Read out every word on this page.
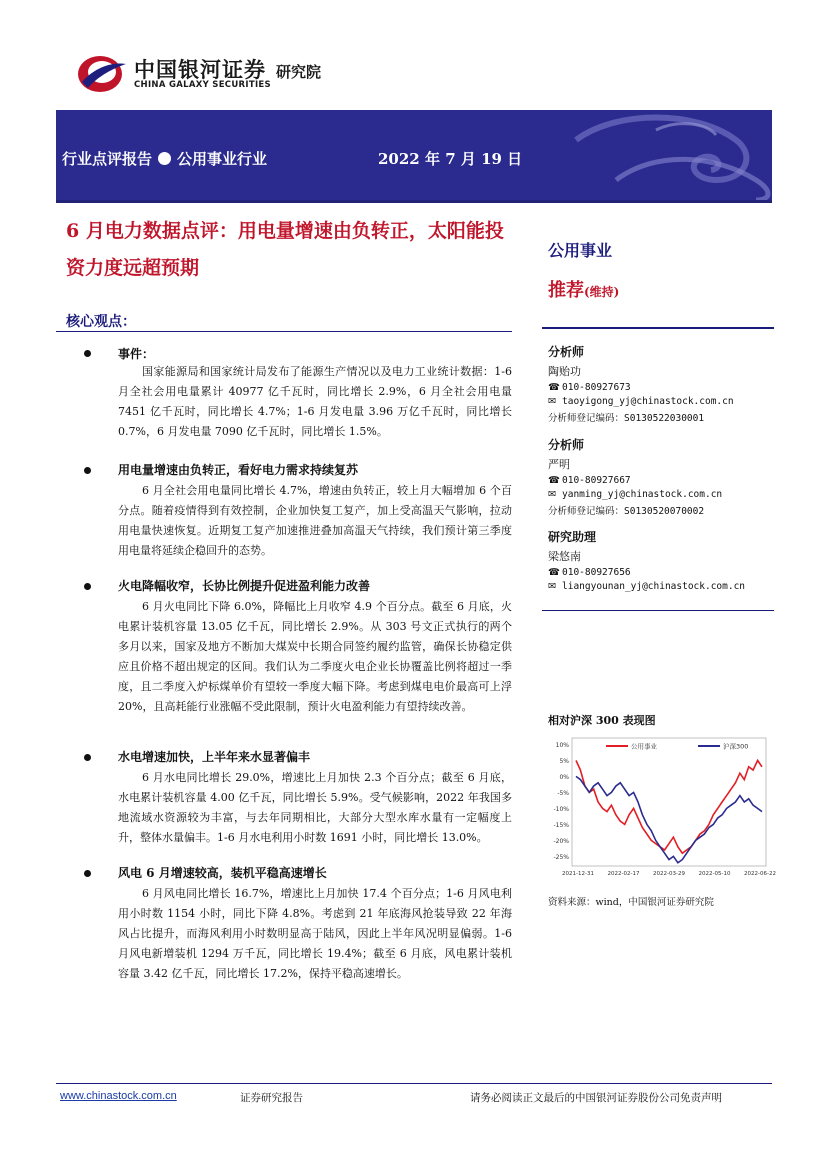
中国银河证券 研究院
CHINA GALAXY SECURITIES
行业点评报告 公用事业行业	2022 年 7 月 19 日
6 月电力数据点评：用电量增速由负转正，太阳能投资力度远超预期
公用事业
推荐(维持)
核心观点：
事件：

国家能源局和国家统计局发布了能源生产情况以及电力工业统计数据：1-6 月全社会用电量累计 40977 亿千瓦时，同比增长 2.9%，6 月全社会用电量 7451 亿千瓦时，同比增长 4.7%；1-6 月发电量 3.96 万亿千瓦时，同比增长 0.7%，6 月发电量 7090 亿千瓦时，同比增长 1.5%。

用电量增速由负转正，看好电力需求持续复苏

6 月全社会用电量同比增长 4.7%，增速由负转正，较上月大幅增加 6 个百分点。随着疫情得到有效控制，企业加快复工复产，加上受高温天气影响，拉动用电量快速恢复。近期复工复产加速推进叠加高温天气持续，我们预计第三季度用电量将延续企稳回升的态势。

火电降幅收窄，长协比例提升促进盈利能力改善

6 月火电同比下降 6.0%，降幅比上月收窄 4.9 个百分点。截至 6 月底，火电累计装机容量 13.05 亿千瓦，同比增长 2.9%。从 303 号文正式执行的两个多月以来，国家及地方不断加大煤炭中长期合同签约履约监管，确保长协稳定供应且价格不超出规定的区间。我们认为二季度火电企业长协覆盖比例将超过一季度，且二季度入炉标煤单价有望较一季度大幅下降。考虑到煤电电价最高可上浮 20%，且高耗能行业涨幅不受此限制，预计火电盈利能力有望持续改善。

水电增速加快，上半年来水显著偏丰

6 月水电同比增长 29.0%，增速比上月加快 2.3 个百分点；截至 6 月底，水电累计装机容量 4.00 亿千瓦，同比增长 5.9%。受气候影响，2022 年我国多地流域水资源较为丰富，与去年同期相比，大部分大型水库水量有一定幅度上升，整体水量偏丰。1-6 月水电利用小时数 1691 小时，同比增长 13.0%。

风电 6 月增速较高，装机平稳高速增长

6 月风电同比增长 16.7%，增速比上月加快 17.4 个百分点；1-6 月风电利用小时数 1154 小时，同比下降 4.8%。考虑到 21 年底海风抢装导致 22 年海风占比提升，而海风利用小时数明显高于陆风，因此上半年风况明显偏弱。1-6 月风电新增装机 1294 万千瓦，同比增长 19.4%；截至 6 月底，风电累计装机容量 3.42 亿千瓦，同比增长 17.2%，保持平稳高速增长。

分析师
陶贻功
☎ 010-80927673
✉ taoyigong_yj@chinastock.com.cn
分析师登记编码：S0130522030001
分析师
严明
☎ 010-80927667
✉ yanming_yj@chinastock.com.cn
分析师登记编码：S0130520070002
研究助理
梁悠南
☎ 010-80927656
✉ liangyounan_yj@chinastock.com.cn
相对沪深 300 表现图
10%
5%
0%
-5%
-10%
-15%
-20%
-25%
2021-12-31 2022-02-17 2022-03-29 2022-05-10 2022-06-22
公用事业	沪深300
资料来源：wind，中国银河证券研究院
www.chinastock.com.cn	证券研究报告	请务必阅读正文最后的中国银河证券股份公司免责声明
